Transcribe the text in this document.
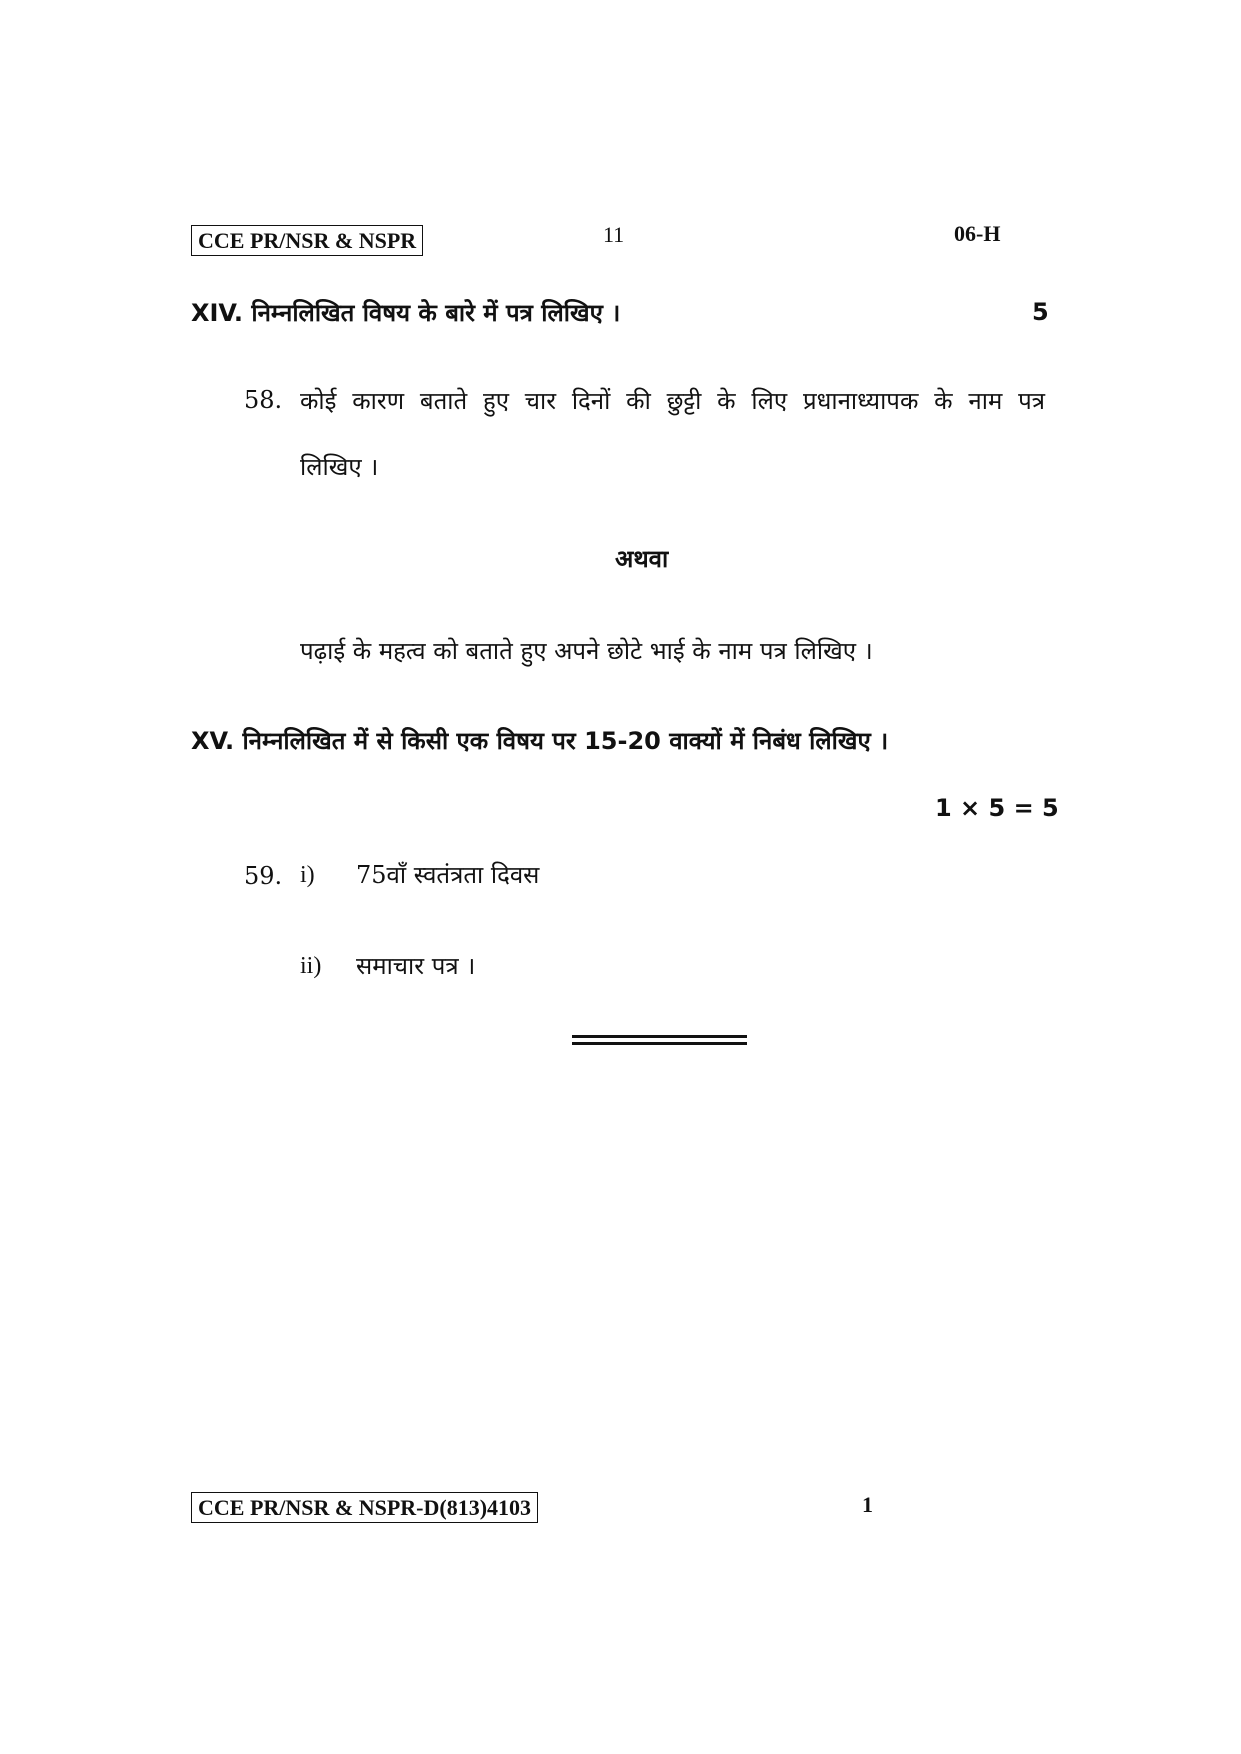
CCE PR/NSR & NSPR	11	06-H
XIV. निम्नलिखित विषय के बारे में पत्र लिखिए ।	5
58. कोई कारण बताते हुए चार दिनों की छुट्टी के लिए प्रधानाध्यापक के नाम पत्र
लिखिए ।
अथवा
पढ़ाई के महत्व को बताते हुए अपने छोटे भाई के नाम पत्र लिखिए ।
XV. निम्नलिखित में से किसी एक विषय पर 15-20 वाक्यों में निबंध लिखिए ।
1 × 5 = 5
59. i) 75वाँ स्वतंत्रता दिवस
ii) समाचार पत्र ।
CCE PR/NSR & NSPR-D(813)4103	1
